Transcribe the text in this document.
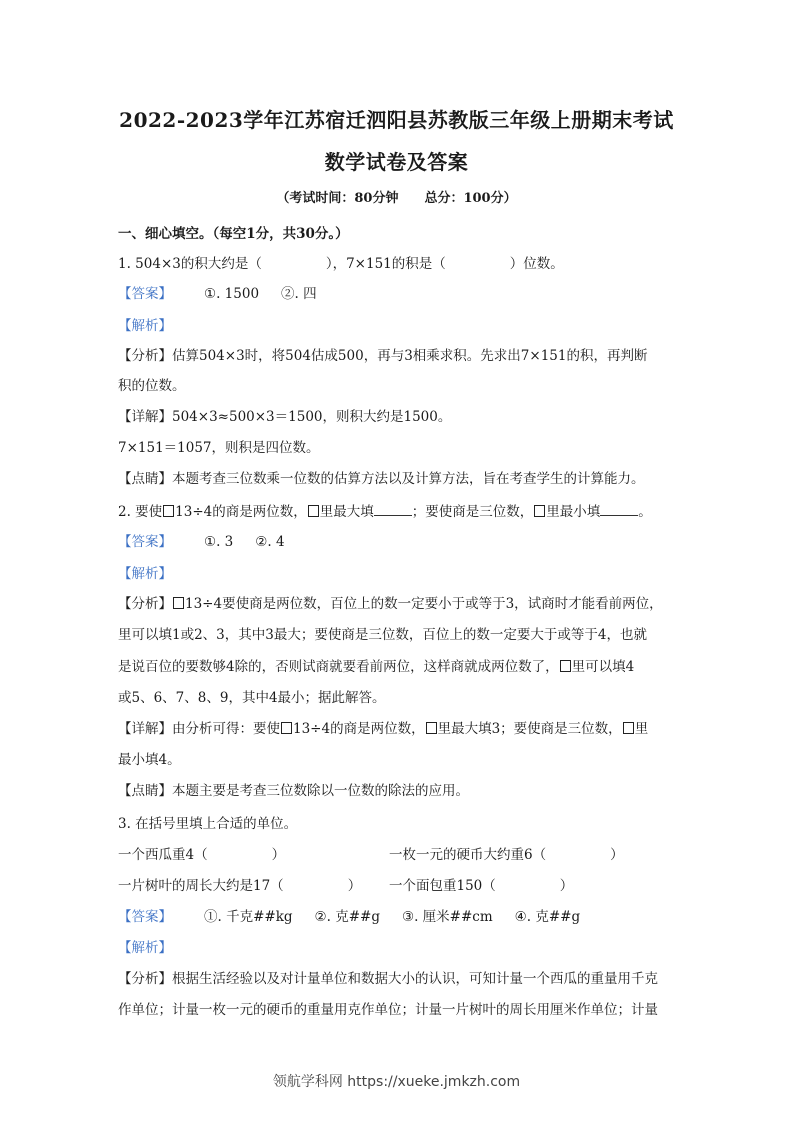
2022-2023学年江苏宿迁泗阳县苏教版三年级上册期末考试
数学试卷及答案
（考试时间：80分钟 总分：100分）
一、细心填空。（每空1分，共30分。）
1. 504×3的积大约是（	），7×151的积是（	）位数。
【答案】 ①. 1500 ②. 四
【解析】
【分析】估算504×3时，将504估成500，再与3相乘求积。先求出7×151的积，再判断
积的位数。
【详解】504×3≈500×3＝1500，则积大约是1500。
7×151＝1057，则积是四位数。
【点睛】本题考查三位数乘一位数的估算方法以及计算方法，旨在考查学生的计算能力。
2. 要使 13÷4的商是两位数， 里最大填	；要使商是三位数， 里最小填	。
【答案】 ①. 3 ②. 4
【解析】
【分析】 13÷4要使商是两位数，百位上的数一定要小于或等于3，试商时才能看前两位，
里可以填1或2、3，其中3最大；要使商是三位数，百位上的数一定要大于或等于4，也就
是说百位的要数够4除的，否则试商就要看前两位，这样商就成两位数了， 里可以填4
或5、6、7、8、9，其中4最小；据此解答。
【详解】由分析可得：要使 13÷4的商是两位数， 里最大填3；要使商是三位数， 里
最小填4。
【点睛】本题主要是考查三位数除以一位数的除法的应用。
3. 在括号里填上合适的单位。
一个西瓜重4（	）	一枚一元的硬币大约重6（	）
一片树叶的周长大约是17（	） 一个面包重150（	）
【答案】 ①. 千克##kg ②. 克##g ③. 厘米##cm ④. 克##g
【解析】
【分析】根据生活经验以及对计量单位和数据大小的认识，可知计量一个西瓜的重量用千克
作单位；计量一枚一元的硬币的重量用克作单位；计量一片树叶的周长用厘米作单位；计量
领航学科网 https://xueke.jmkzh.com
